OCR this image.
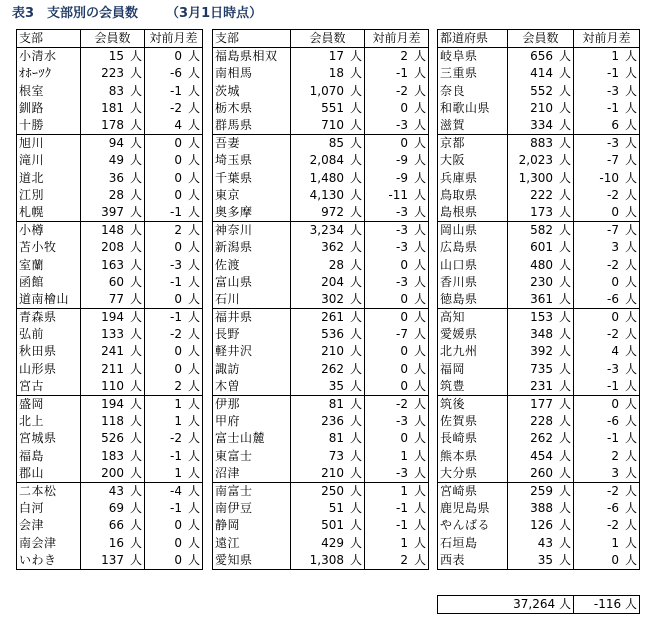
表3　支部別の会員数 （3月1日時点）
支部	会員数	対前月差
小清水	15 人	0 人
ｵﾎｰﾂｸ	223 人	-6 人
根室	83 人	-1 人
釧路	181 人	-2 人
十勝	178 人	4 人
旭川	94 人	0 人
滝川	49 人	0 人
道北	36 人	0 人
江別	28 人	0 人
札幌	397 人	-1 人
小樽	148 人	2 人
苫小牧	208 人	0 人
室蘭	163 人	-3 人
函館	60 人	-1 人
道南檜山	77 人	0 人
青森県	194 人	-1 人
弘前	133 人	-2 人
秋田県	241 人	0 人
山形県	211 人	0 人
宮古	110 人	2 人
盛岡	194 人	1 人
北上	118 人	1 人
宮城県	526 人	-2 人
福島	183 人	-1 人
郡山	200 人	1 人
二本松	43 人	-4 人
白河	69 人	-1 人
会津	66 人	0 人
南会津	16 人	0 人
いわき	137 人	0 人
支部	会員数	対前月差
福島県相双	17 人	2 人
南相馬	18 人	-1 人
茨城	1,070 人	-2 人
栃木県	551 人	0 人
群馬県	710 人	-3 人
吾妻	85 人	0 人
埼玉県	2,084 人	-9 人
千葉県	1,480 人	-9 人
東京	4,130 人	-11 人
奥多摩	972 人	-3 人
神奈川	3,234 人	-3 人
新潟県	362 人	-3 人
佐渡	28 人	0 人
富山県	204 人	-3 人
石川	302 人	0 人
福井県	261 人	0 人
長野	536 人	-7 人
軽井沢	210 人	0 人
諏訪	262 人	0 人
木曽	35 人	0 人
伊那	81 人	-2 人
甲府	236 人	-3 人
富士山麓	81 人	0 人
東富士	73 人	1 人
沼津	210 人	-3 人
南富士	250 人	1 人
南伊豆	51 人	-1 人
静岡	501 人	-1 人
遠江	429 人	1 人
愛知県	1,308 人	2 人
都道府県	会員数	対前月差
岐阜県	656 人	1 人
三重県	414 人	-1 人
奈良	552 人	-3 人
和歌山県	210 人	-1 人
滋賀	334 人	6 人
京都	883 人	-3 人
大阪	2,023 人	-7 人
兵庫県	1,300 人	-10 人
鳥取県	222 人	-2 人
島根県	173 人	0 人
岡山県	582 人	-7 人
広島県	601 人	3 人
山口県	480 人	-2 人
香川県	230 人	0 人
徳島県	361 人	-6 人
高知	153 人	0 人
愛媛県	348 人	-2 人
北九州	392 人	4 人
福岡	735 人	-3 人
筑豊	231 人	-1 人
筑後	177 人	0 人
佐賀県	228 人	-6 人
長崎県	262 人	-1 人
熊本県	454 人	2 人
大分県	260 人	3 人
宮崎県	259 人	-2 人
鹿児島県	388 人	-6 人
やんばる	126 人	-2 人
石垣島	43 人	1 人
西表	35 人	0 人
37,264 人	-116 人
